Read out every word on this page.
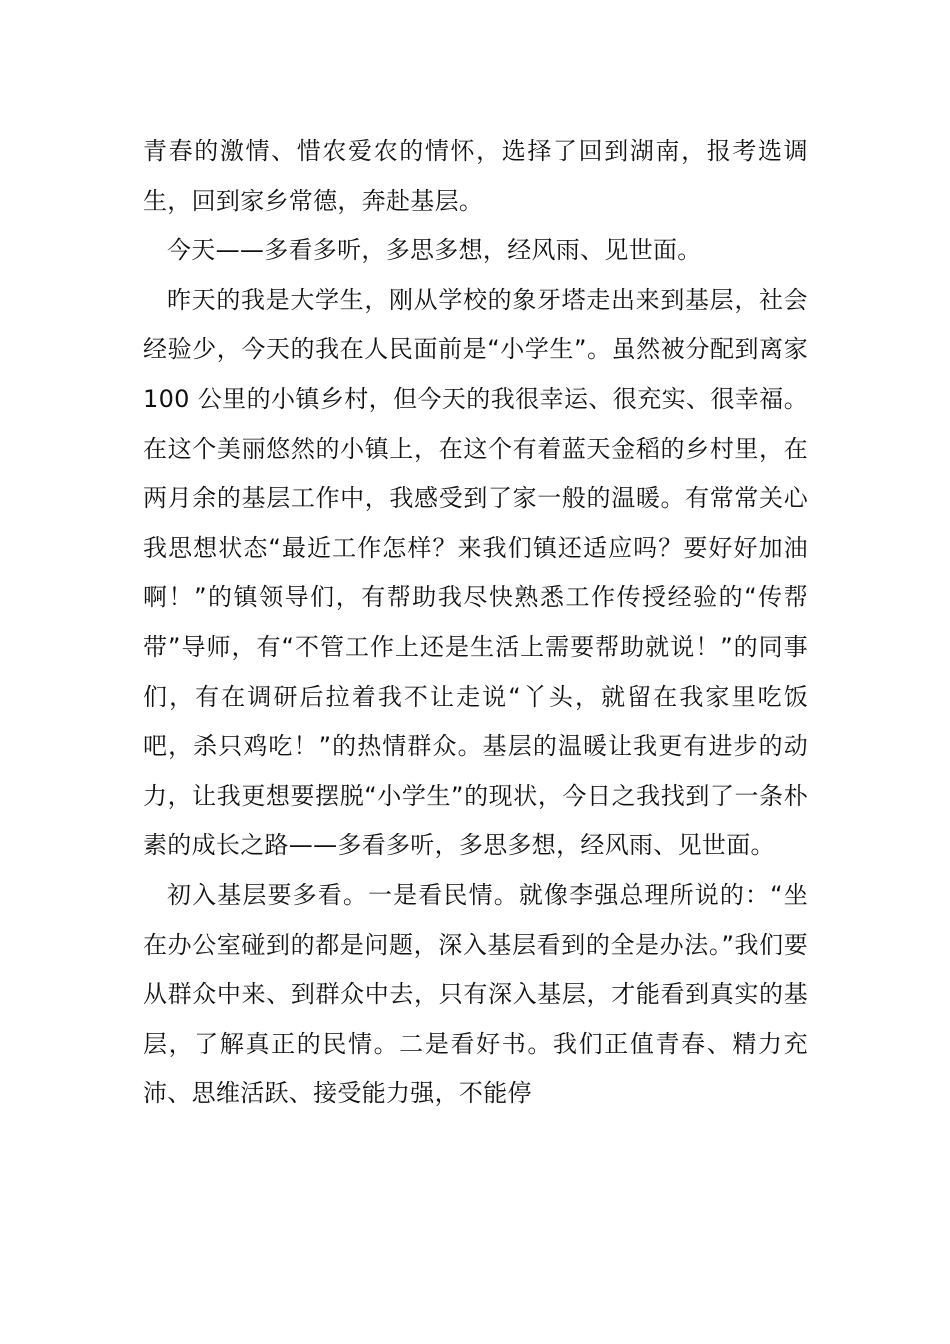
青春的激情、惜农爱农的情怀，选择了回到湖南，报考选调生，回到家乡常德，奔赴基层。

今天——多看多听，多思多想，经风雨、见世面。

昨天的我是大学生，刚从学校的象牙塔走出来到基层，社会经验少，今天的我在人民面前是“小学生”。虽然被分配到离家 100 公里的小镇乡村，但今天的我很幸运、很充实、很幸福。在这个美丽悠然的小镇上，在这个有着蓝天金稻的乡村里，在两月余的基层工作中，我感受到了家一般的温暖。有常常关心我思想状态“最近工作怎样？来我们镇还适应吗？要好好加油啊！”的镇领导们，有帮助我尽快熟悉工作传授经验的“传帮带”导师，有“不管工作上还是生活上需要帮助就说！”的同事们，有在调研后拉着我不让走说“丫头，就留在我家里吃饭吧，杀只鸡吃！”的热情群众。基层的温暖让我更有进步的动力，让我更想要摆脱“小学生”的现状，今日之我找到了一条朴素的成长之路——多看多听，多思多想，经风雨、见世面。

初入基层要多看。一是看民情。就像李强总理所说的：“坐在办公室碰到的都是问题，深入基层看到的全是办法。”我们要从群众中来、到群众中去，只有深入基层，才能看到真实的基层，了解真正的民情。二是看好书。我们正值青春、精力充沛、思维活跃、接受能力强，不能停
